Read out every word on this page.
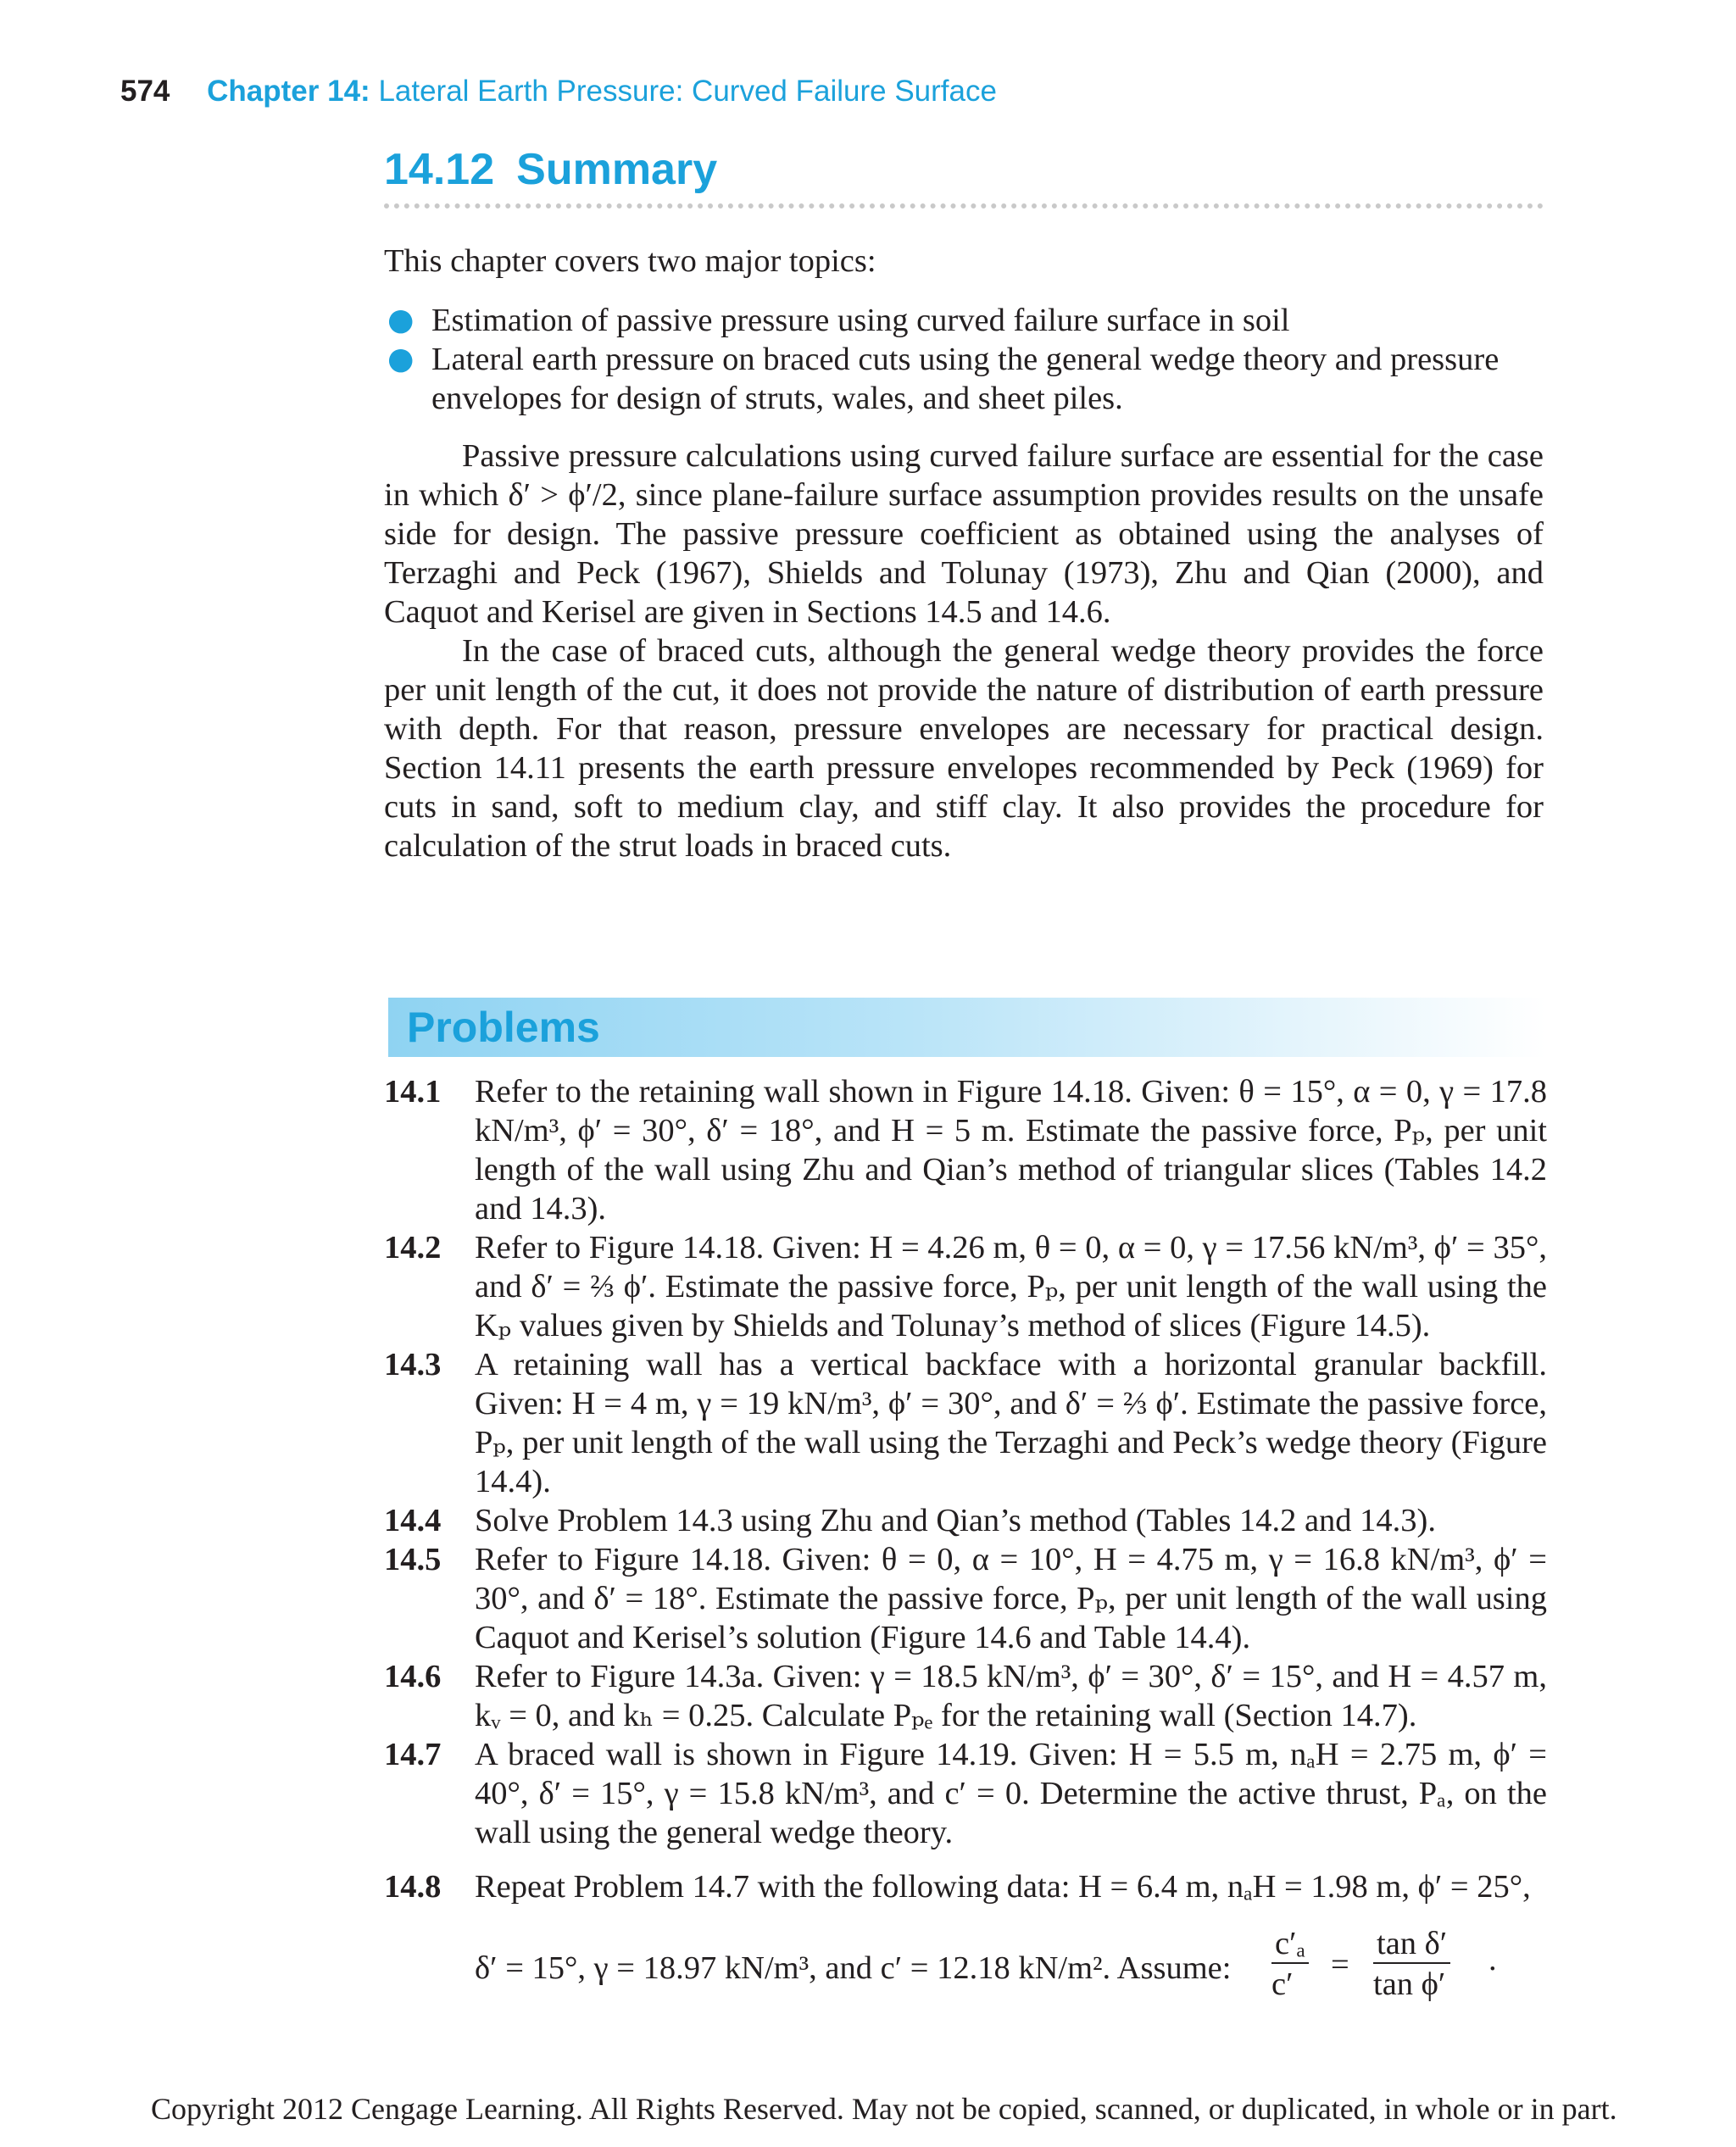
574 Chapter 14: Lateral Earth Pressure: Curved Failure Surface
14.12 Summary
This chapter covers two major topics:
● Estimation of passive pressure using curved failure surface in soil
● Lateral earth pressure on braced cuts using the general wedge theory and pressure envelopes for design of struts, wales, and sheet piles.
Passive pressure calculations using curved failure surface are essential for the case in which δ′ > ϕ′/2, since plane-failure surface assumption provides results on the unsafe side for design. The passive pressure coefficient as obtained using the analyses of Terzaghi and Peck (1967), Shields and Tolunay (1973), Zhu and Qian (2000), and Caquot and Kerisel are given in Sections 14.5 and 14.6.
In the case of braced cuts, although the general wedge theory provides the force per unit length of the cut, it does not provide the nature of distribution of earth pressure with depth. For that reason, pressure envelopes are necessary for practical design. Section 14.11 presents the earth pressure envelopes recommended by Peck (1969) for cuts in sand, soft to medium clay, and stiff clay. It also provides the procedure for calculation of the strut loads in braced cuts.
Problems
14.1	Refer to the retaining wall shown in Figure 14.18. Given: θ = 15°, α = 0, γ = 17.8 kN/m³, ϕ′ = 30°, δ′ = 18°, and H = 5 m. Estimate the passive force, Pₚ, per unit length of the wall using Zhu and Qian’s method of triangular slices (Tables 14.2 and 14.3).
14.2	Refer to Figure 14.18. Given: H = 4.26 m, θ = 0, α = 0, γ = 17.56 kN/m³, ϕ′ = 35°, and δ′ = ⅔ ϕ′. Estimate the passive force, Pₚ, per unit length of the wall using the Kₚ values given by Shields and Tolunay’s method of slices (Figure 14.5).
14.3	A retaining wall has a vertical backface with a horizontal granular backfill. Given: H = 4 m, γ = 19 kN/m³, ϕ′ = 30°, and δ′ = ⅔ ϕ′. Estimate the passive force, Pₚ, per unit length of the wall using the Terzaghi and Peck’s wedge theory (Figure 14.4).
14.4	Solve Problem 14.3 using Zhu and Qian’s method (Tables 14.2 and 14.3).
14.5	Refer to Figure 14.18. Given: θ = 0, α = 10°, H = 4.75 m, γ = 16.8 kN/m³, ϕ′ = 30°, and δ′ = 18°. Estimate the passive force, Pₚ, per unit length of the wall using Caquot and Kerisel’s solution (Figure 14.6 and Table 14.4).
14.6	Refer to Figure 14.3a. Given: γ = 18.5 kN/m³, ϕ′ = 30°, δ′ = 15°, and H = 4.57 m, kᵥ = 0, and kₕ = 0.25. Calculate Pₚₑ for the retaining wall (Section 14.7).
14.7	A braced wall is shown in Figure 14.19. Given: H = 5.5 m, nₐH = 2.75 m, ϕ′ = 40°, δ′ = 15°, γ = 15.8 kN/m³, and c′ = 0. Determine the active thrust, Pₐ, on the wall using the general wedge theory.
14.8	Repeat Problem 14.7 with the following data: H = 6.4 m, nₐH = 1.98 m, ϕ′ = 25°,
δ′ = 15°, γ = 18.97 kN/m³, and c′ = 12.18 kN/m². Assume: $\frac{\text{c′ₐ}}{c'} = \frac{\text{tan δ′}}{\text{tan ϕ′}}$ .
Copyright 2012 Cengage Learning. All Rights Reserved. May not be copied, scanned, or duplicated, in whole or in part.
